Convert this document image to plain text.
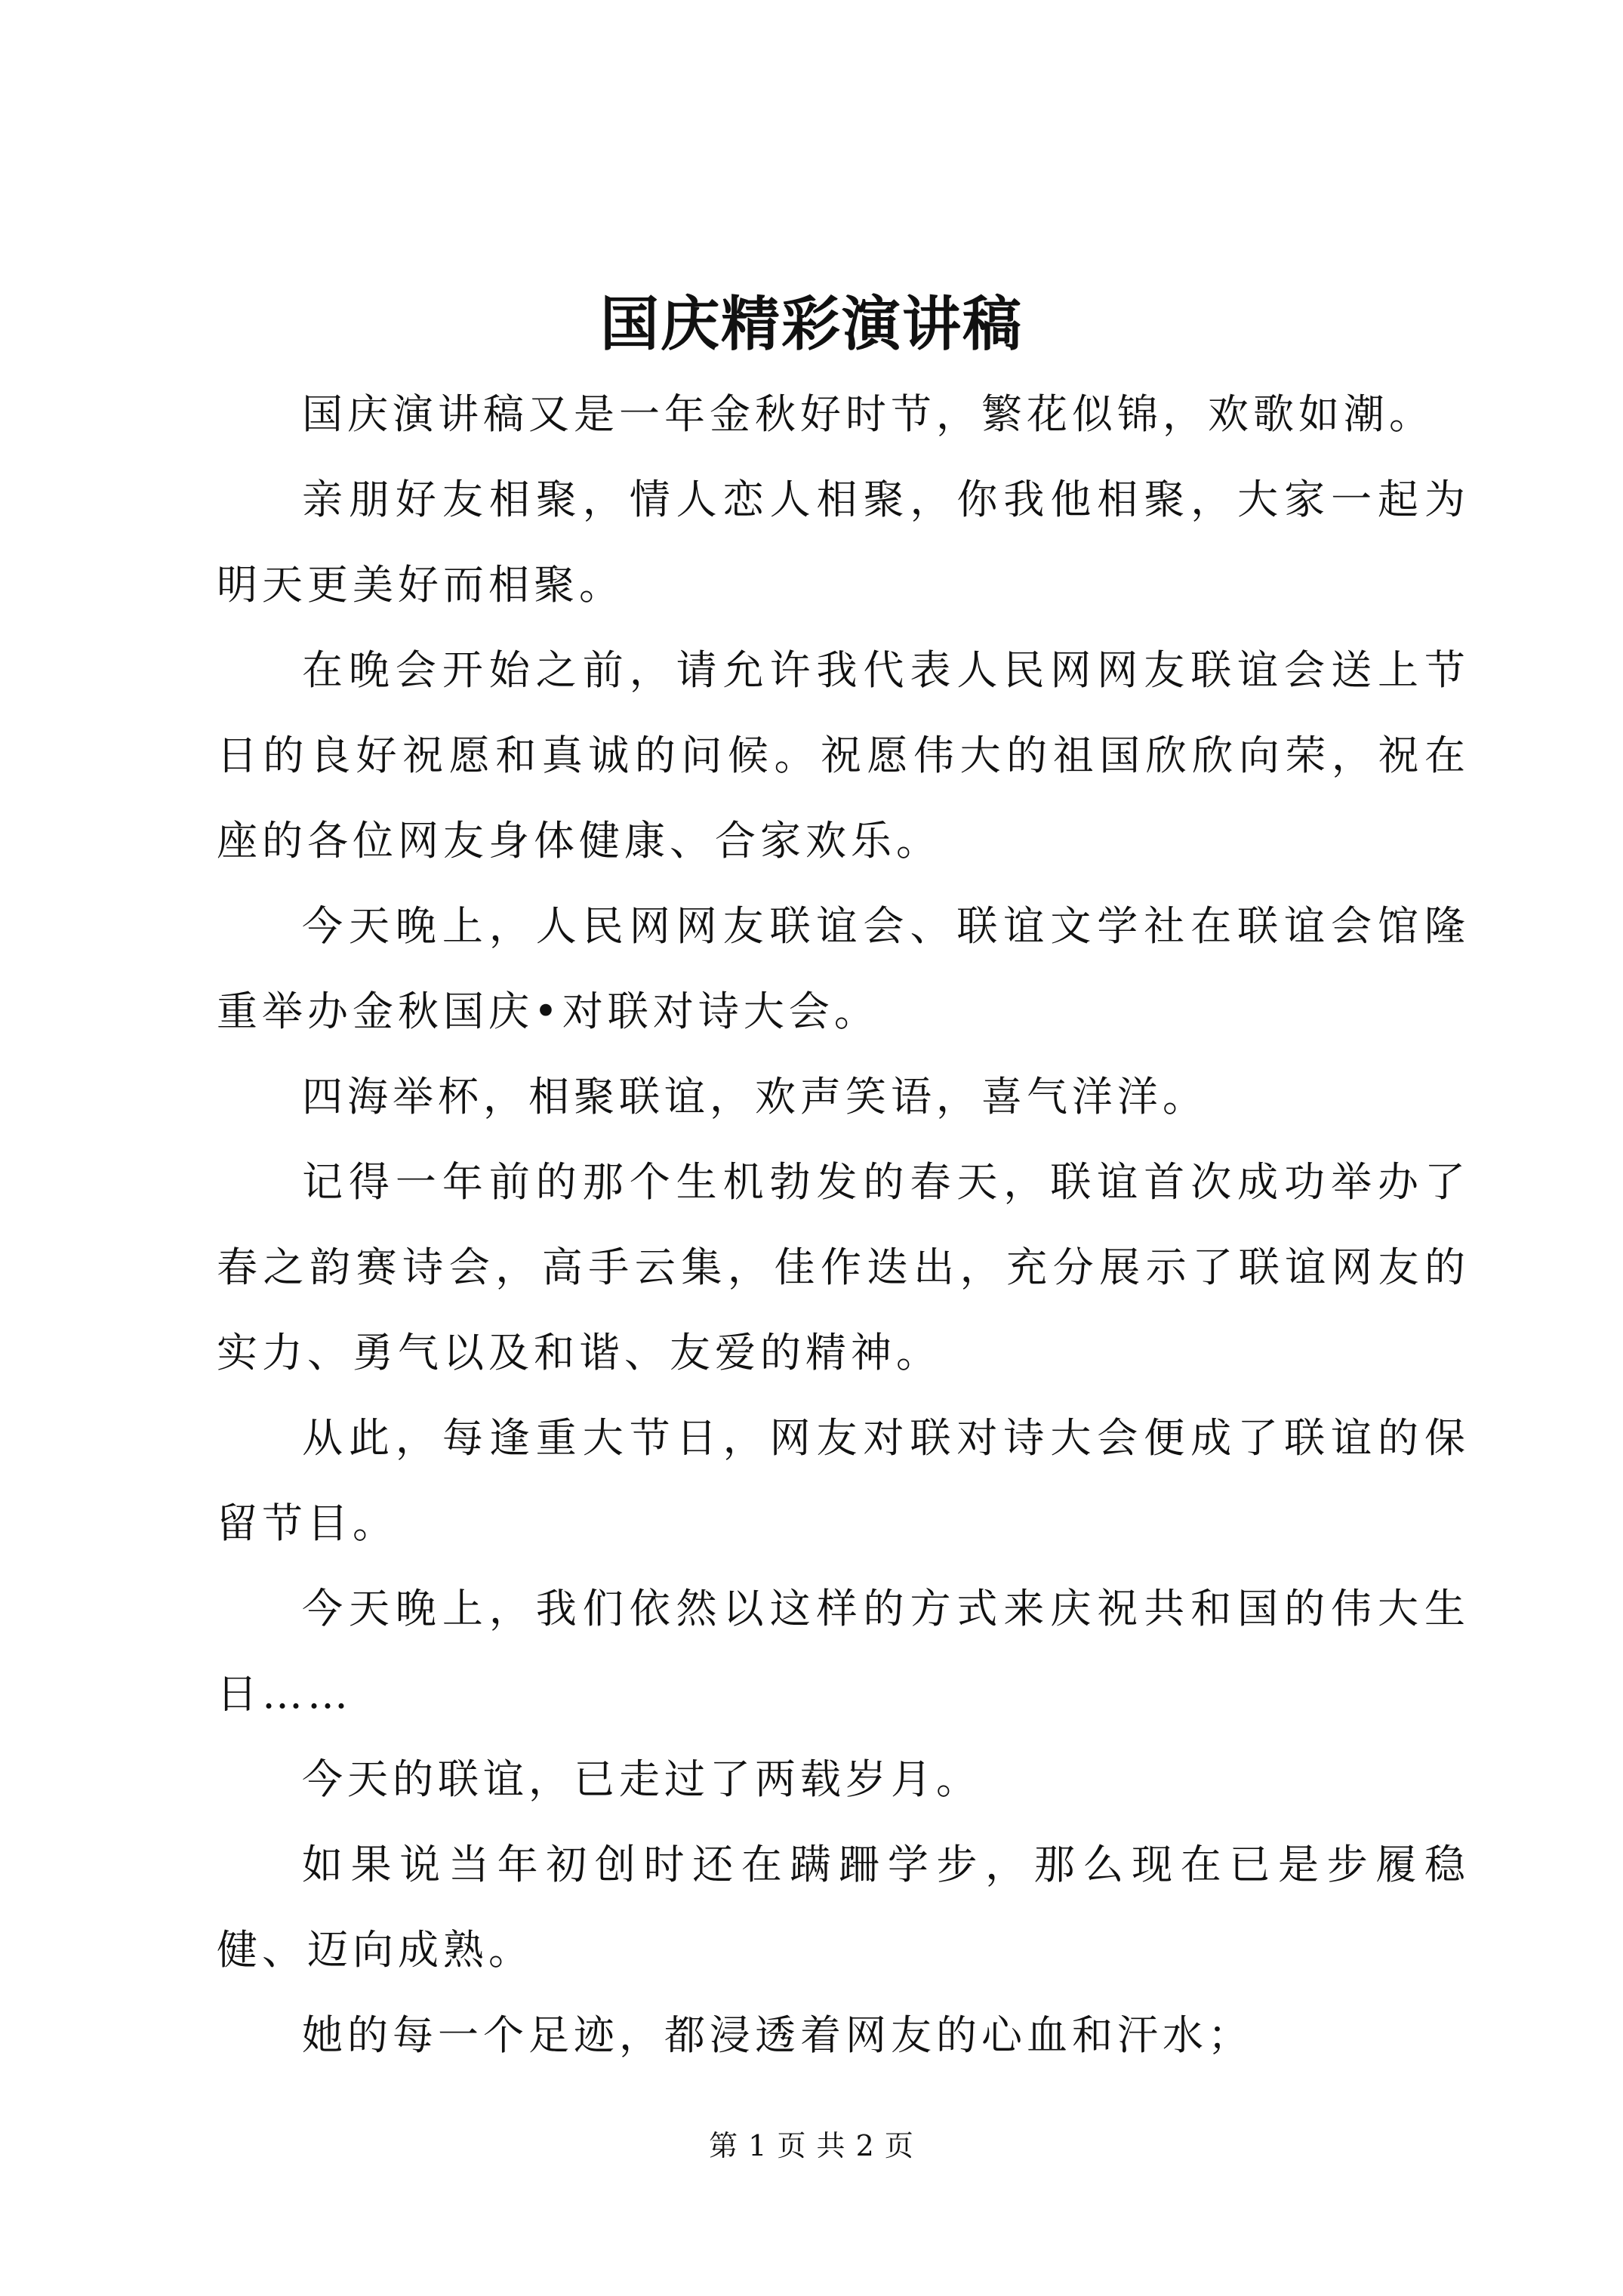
国庆精彩演讲稿

国庆演讲稿又是一年金秋好时节，繁花似锦，欢歌如潮。

亲朋好友相聚，情人恋人相聚，你我他相聚，大家一起为明天更美好而相聚。

在晚会开始之前，请允许我代表人民网网友联谊会送上节日的良好祝愿和真诚的问候。祝愿伟大的祖国欣欣向荣，祝在座的各位网友身体健康、合家欢乐。

今天晚上，人民网网友联谊会、联谊文学社在联谊会馆隆重举办金秋国庆•对联对诗大会。

四海举杯，相聚联谊，欢声笑语，喜气洋洋。

记得一年前的那个生机勃发的春天，联谊首次成功举办了春之韵赛诗会，高手云集，佳作迭出，充分展示了联谊网友的实力、勇气以及和谐、友爱的精神。

从此，每逢重大节日，网友对联对诗大会便成了联谊的保留节目。

今天晚上，我们依然以这样的方式来庆祝共和国的伟大生日……

今天的联谊，已走过了两载岁月。

如果说当年初创时还在蹒跚学步，那么现在已是步履稳健、迈向成熟。

她的每一个足迹，都浸透着网友的心血和汗水；

第 1 页 共 2 页
